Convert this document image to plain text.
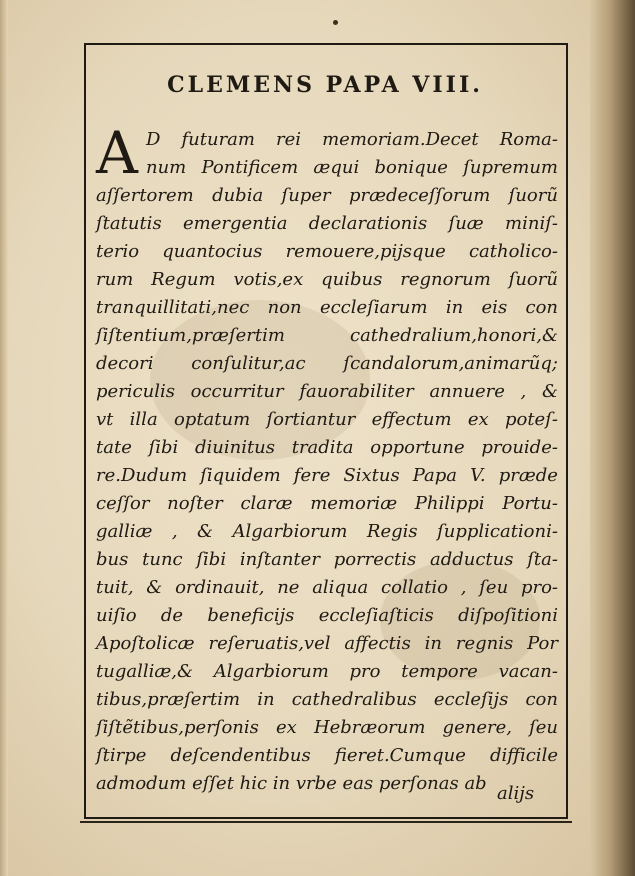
CLEMENS PAPA VIII.
A D futuram rei memoriam.Decet Roma-
num Pontificem æqui bonique ſupremum
aſſertorem dubia ſuper prædeceſſorum ſuorũ
ſtatutis emergentia declarationis ſuæ miniſ-
terio quantocius remouere,pijsque catholico-
rum Regum votis,ex quibus regnorum ſuorũ
tranquillitati,nec non eccleſiarum in eis con
ſiſtentium,præſertim	cathedralium,honori,&
decori conſulitur,ac ſcandalorum,animarũq;
periculis occurritur fauorabiliter annuere , &
vt illa optatum ſortiantur effectum ex poteſ-
tate ſibi diuinitus tradita opportune prouide-
re.Dudum ſiquidem fere Sixtus Papa V. præde
ceſſor noſter claræ memoriæ Philippi Portu-
galliæ , & Algarbiorum Regis ſupplicationi-
bus tunc ſibi inſtanter porrectis adductus ſta-
tuit, & ordinauit, ne aliqua collatio , ſeu pro-
uiſio de beneficijs eccleſiaſticis diſpoſitioni
Apoſtolicæ reſeruatis,vel affectis in regnis Por
tugalliæ,& Algarbiorum pro tempore vacan-
tibus,præſertim in cathedralibus eccleſijs con
ſiſtẽtibus,perſonis ex Hebræorum genere, ſeu
ſtirpe deſcendentibus fieret.Cumque difficile
admodum eſſet hic in vrbe eas perſonas ab alijs
